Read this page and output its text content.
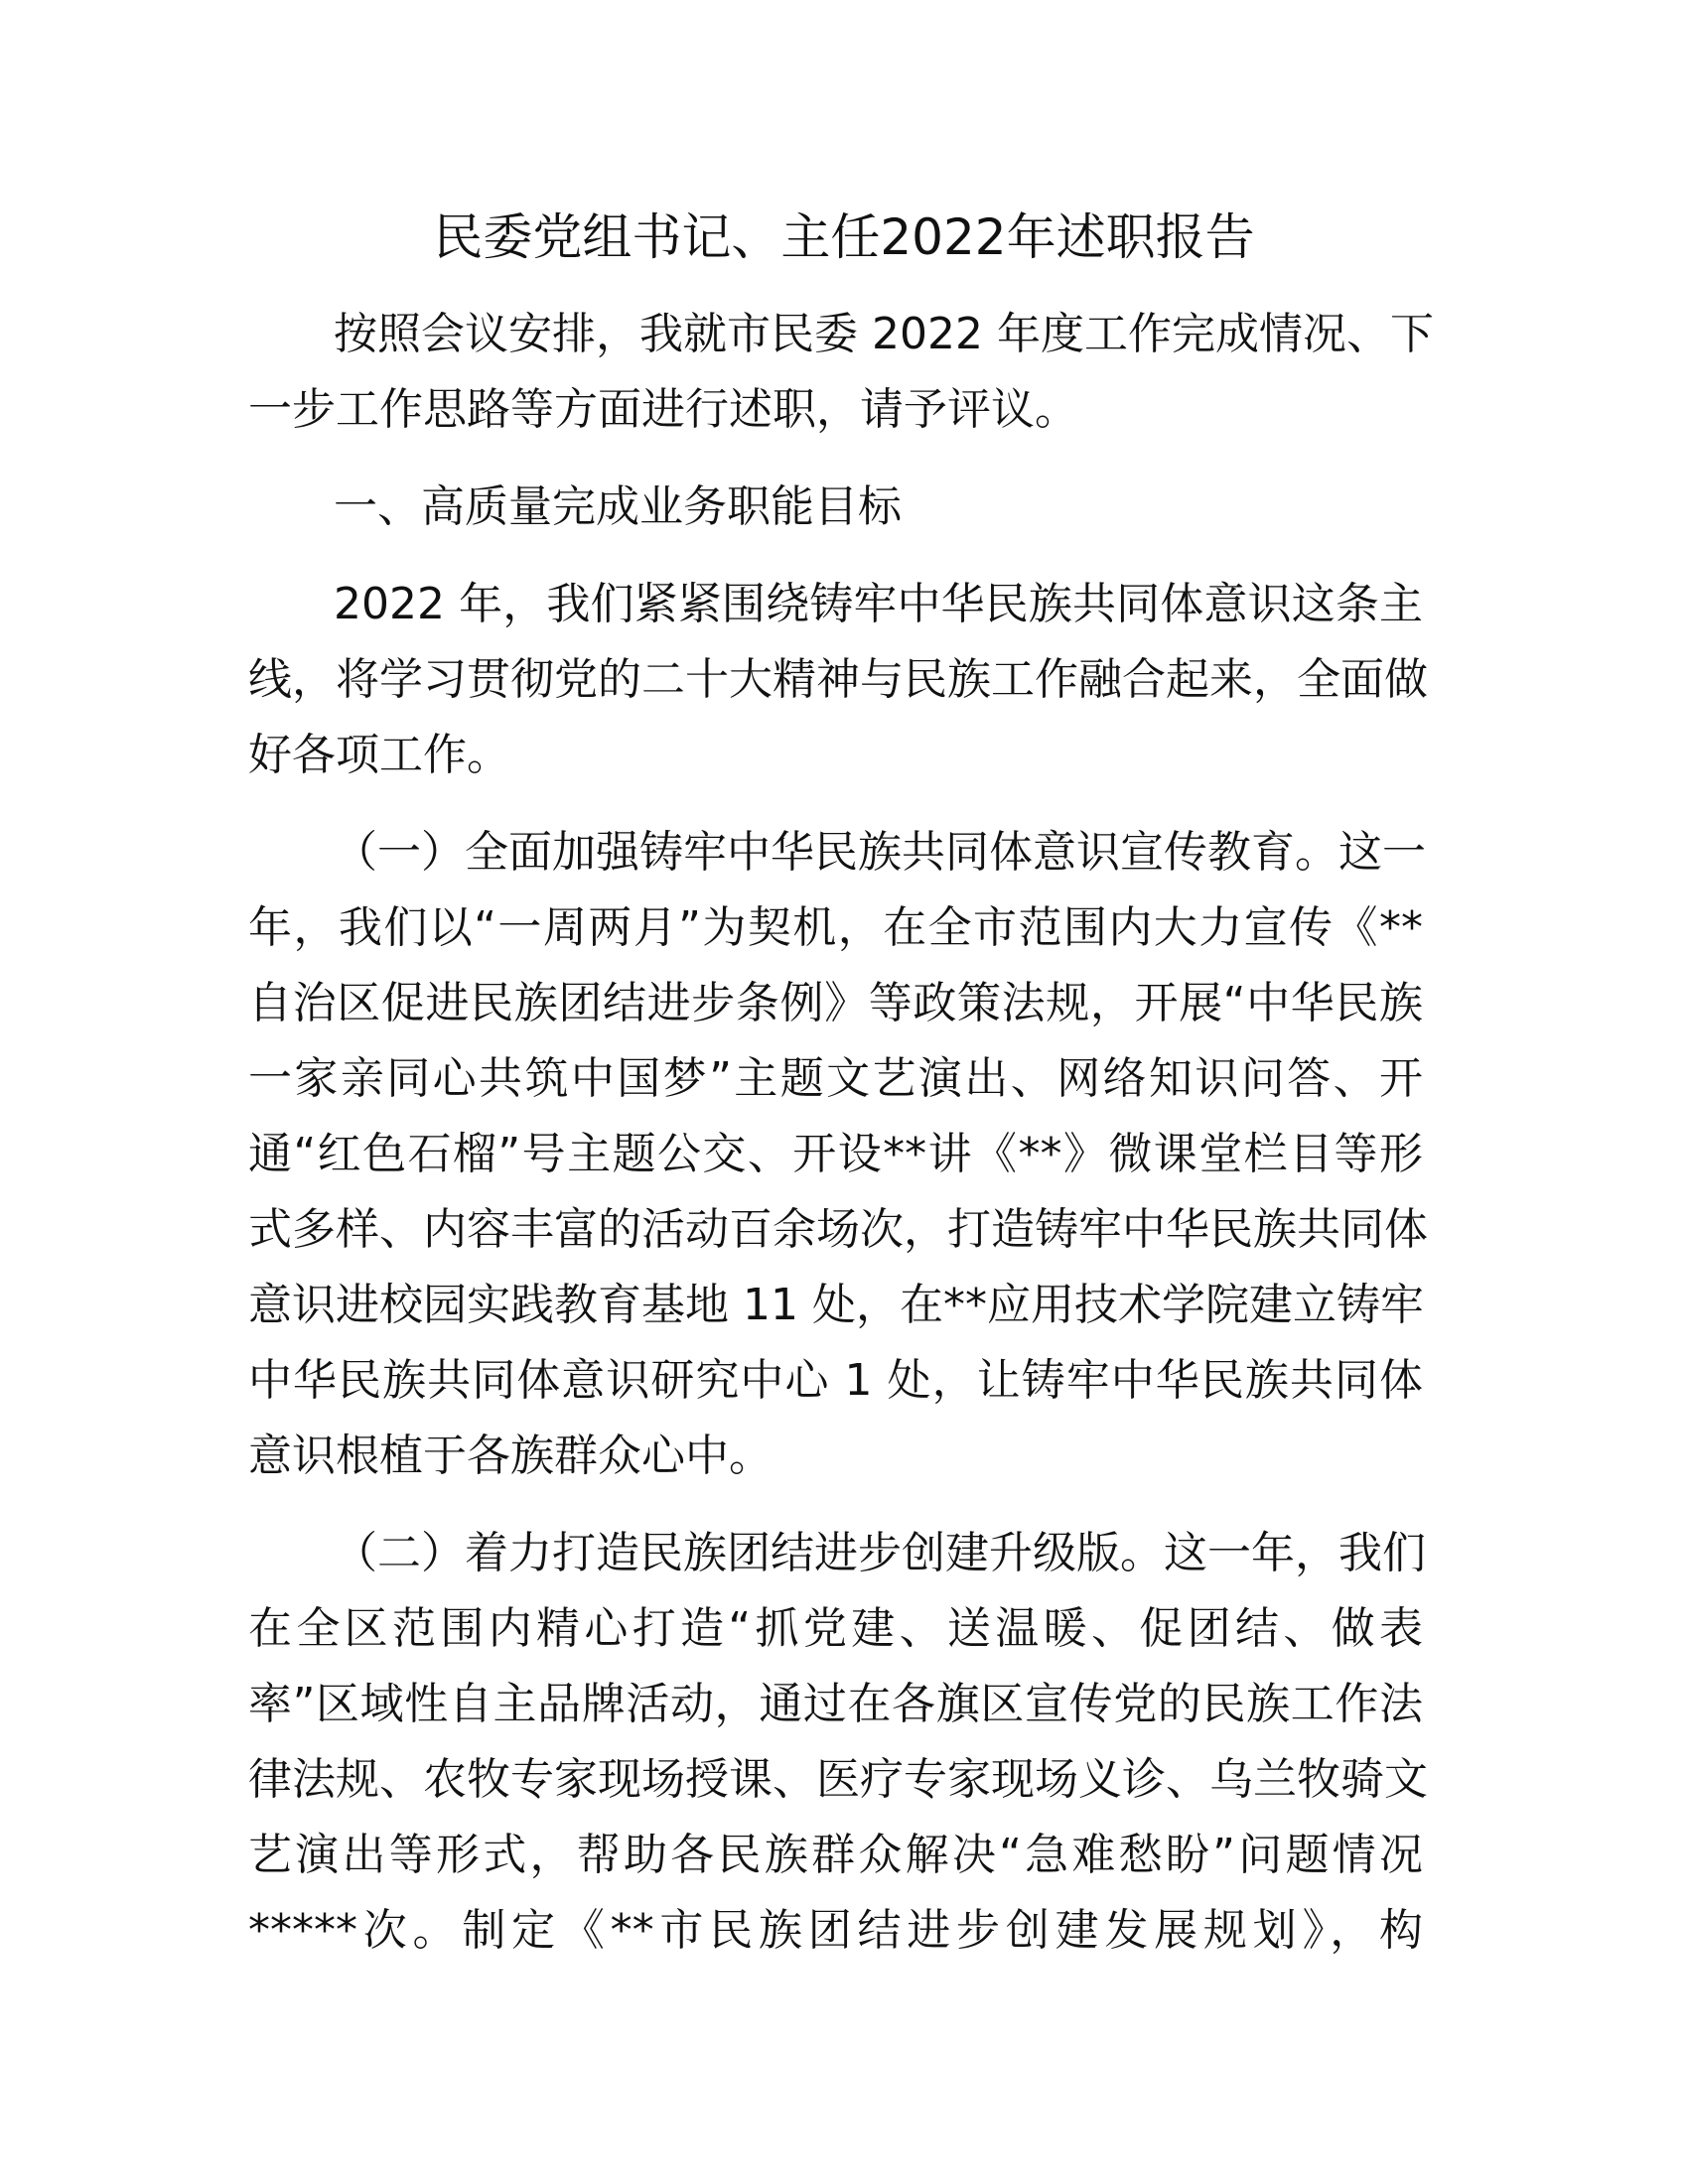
民委党组书记、主任2022年述职报告
按照会议安排，我就市民委 2022 年度工作完成情况、下
一步工作思路等方面进行述职，请予评议。
一、高质量完成业务职能目标
2022 年，我们紧紧围绕铸牢中华民族共同体意识这条主
线，将学习贯彻党的二十大精神与民族工作融合起来，全面做
好各项工作。
（一）全面加强铸牢中华民族共同体意识宣传教育。这一
年，我们以“一周两月”为契机，在全市范围内大力宣传《**
自治区促进民族团结进步条例》等政策法规，开展“中华民族
一家亲同心共筑中国梦”主题文艺演出、网络知识问答、开
通“红色石榴”号主题公交、开设**讲《**》微课堂栏目等形
式多样、内容丰富的活动百余场次，打造铸牢中华民族共同体
意识进校园实践教育基地 11 处，在**应用技术学院建立铸牢
中华民族共同体意识研究中心 1 处，让铸牢中华民族共同体
意识根植于各族群众心中。
（二）着力打造民族团结进步创建升级版。这一年，我们
在全区范围内精心打造“抓党建、送温暖、促团结、做表
率”区域性自主品牌活动，通过在各旗区宣传党的民族工作法
律法规、农牧专家现场授课、医疗专家现场义诊、乌兰牧骑文
艺演出等形式，帮助各民族群众解决“急难愁盼”问题情况
*****次。制定《**市民族团结进步创建发展规划》，构
